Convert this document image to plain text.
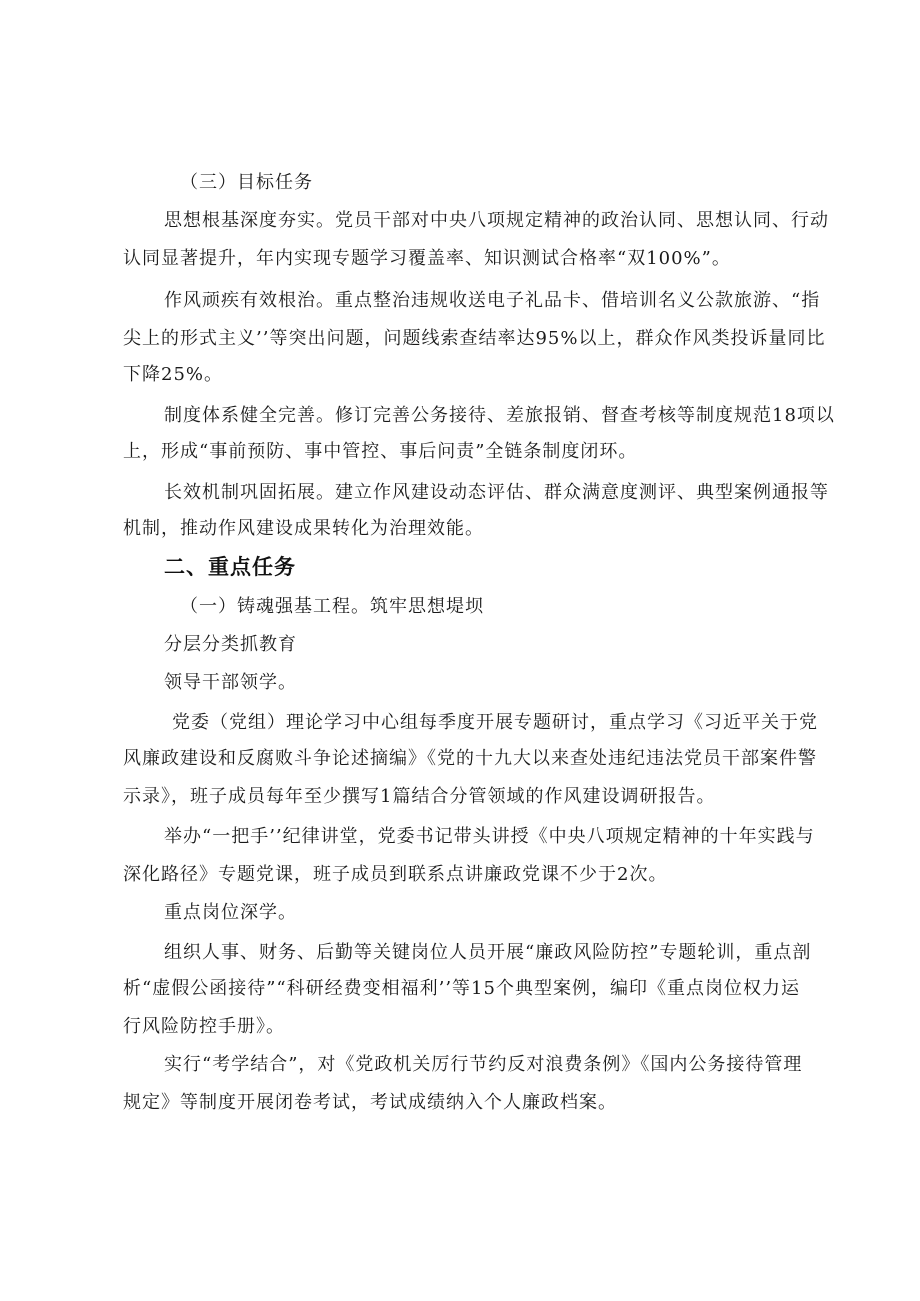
（三）目标任务

思想根基深度夯实。党员干部对中央八项规定精神的政治认同、思想认同、行动

认同显著提升，年内实现专题学习覆盖率、知识测试合格率“双100%”。

作风顽疾有效根治。重点整治违规收送电子礼品卡、借培训名义公款旅游、“指

尖上的形式主义’’等突出问题，问题线索查结率达95%以上，群众作风类投诉量同比

下降25%。

制度体系健全完善。修订完善公务接待、差旅报销、督查考核等制度规范18项以

上，形成“事前预防、事中管控、事后问责”全链条制度闭环。

长效机制巩固拓展。建立作风建设动态评估、群众满意度测评、典型案例通报等

机制，推动作风建设成果转化为治理效能。

二、重点任务

（一）铸魂强基工程。筑牢思想堤坝

分层分类抓教育

领导干部领学。

党委（党组）理论学习中心组每季度开展专题研讨，重点学习《习近平关于党

风廉政建设和反腐败斗争论述摘编》《党的十九大以来查处违纪违法党员干部案件警

示录》，班子成员每年至少撰写1篇结合分管领域的作风建设调研报告。

举办“一把手’’纪律讲堂，党委书记带头讲授《中央八项规定精神的十年实践与

深化路径》专题党课，班子成员到联系点讲廉政党课不少于2次。

重点岗位深学。

组织人事、财务、后勤等关键岗位人员开展“廉政风险防控”专题轮训，重点剖

析“虚假公函接待”“科研经费变相福利’’等15个典型案例，编印《重点岗位权力运

行风险防控手册》。

实行“考学结合”，对《党政机关厉行节约反对浪费条例》《国内公务接待管理

规定》等制度开展闭卷考试，考试成绩纳入个人廉政档案。
